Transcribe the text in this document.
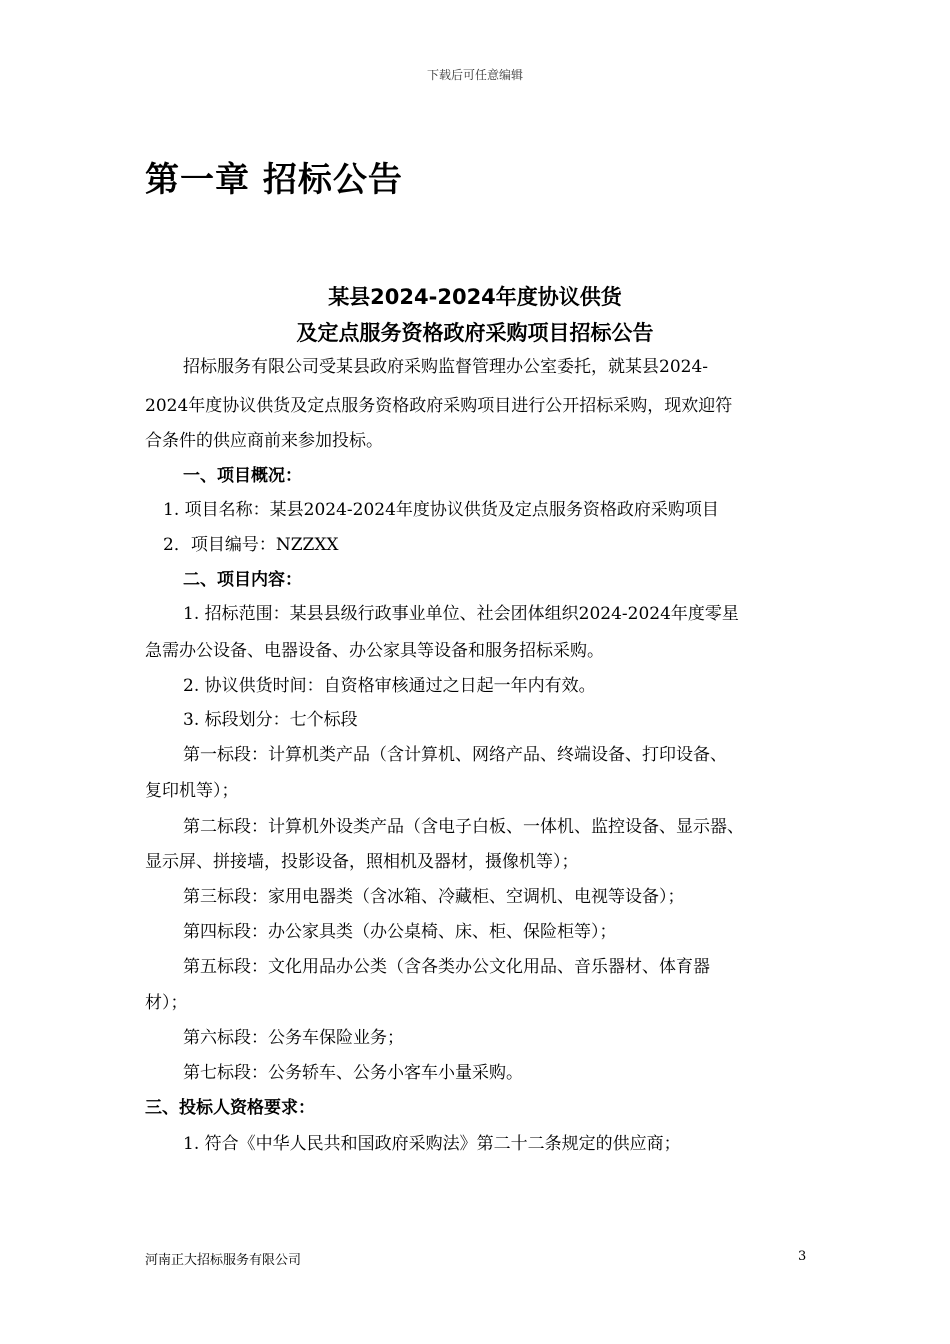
下载后可任意编辑
第一章 招标公告
某县2024-2024年度协议供货
及定点服务资格政府采购项目招标公告
招标服务有限公司受某县政府采购监督管理办公室委托，就某县2024-
2024年度协议供货及定点服务资格政府采购项目进行公开招标采购，现欢迎符
合条件的供应商前来参加投标。
一、项目概况：
1. 项目名称：某县2024-2024年度协议供货及定点服务资格政府采购项目
2．项目编号：NZZXX
二、项目内容：
1. 招标范围：某县县级行政事业单位、社会团体组织2024-2024年度零星
急需办公设备、电器设备、办公家具等设备和服务招标采购。
2. 协议供货时间：自资格审核通过之日起一年内有效。
3. 标段划分：七个标段
第一标段：计算机类产品（含计算机、网络产品、终端设备、打印设备、
复印机等）；
第二标段：计算机外设类产品（含电子白板、一体机、监控设备、显示器、
显示屏、拼接墙，投影设备，照相机及器材，摄像机等）；
第三标段：家用电器类（含冰箱、冷藏柜、空调机、电视等设备）；
第四标段：办公家具类（办公桌椅、床、柜、保险柜等）；
第五标段：文化用品办公类（含各类办公文化用品、音乐器材、体育器
材）；
第六标段：公务车保险业务；
第七标段：公务轿车、公务小客车小量采购。
三、投标人资格要求：
1. 符合《中华人民共和国政府采购法》第二十二条规定的供应商；
河南正大招标服务有限公司	3
